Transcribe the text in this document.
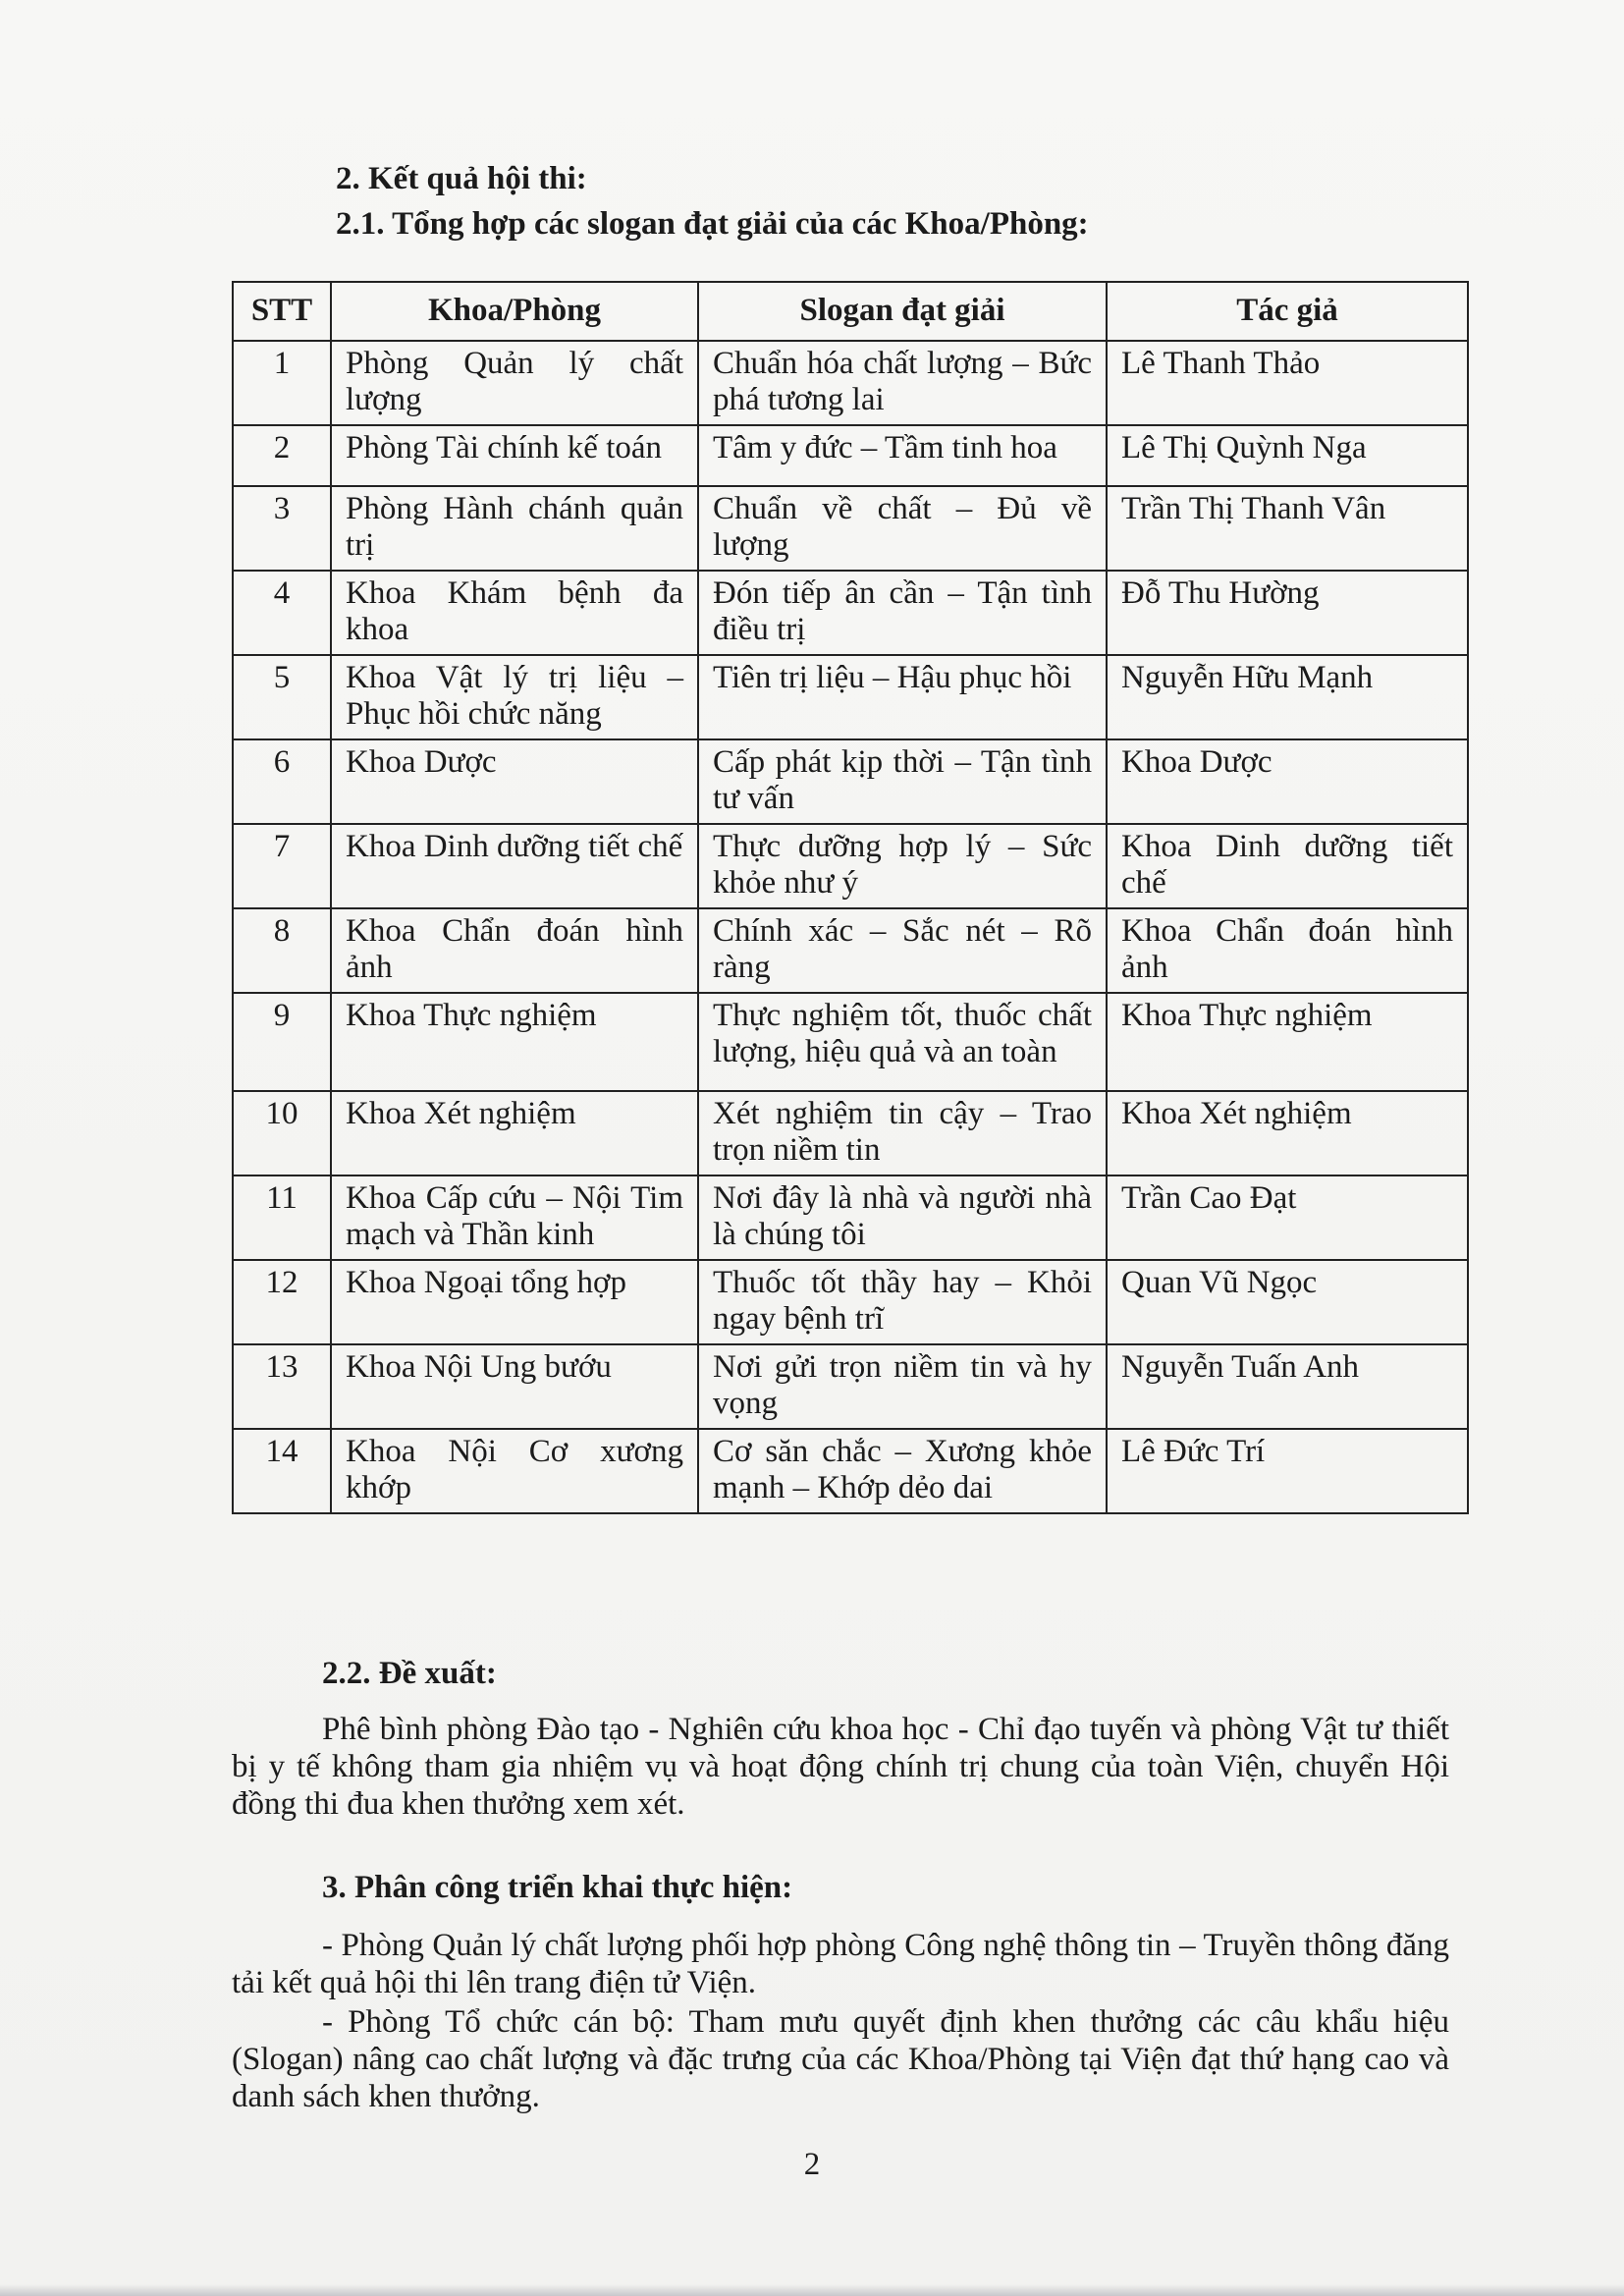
2. Kết quả hội thi:
2.1. Tổng hợp các slogan đạt giải của các Khoa/Phòng:
STT	Khoa/Phòng	Slogan đạt giải	Tác giả
1	Phòng Quản lý chất lượng	Chuẩn hóa chất lượng – Bức phá tương lai	Lê Thanh Thảo
2	Phòng Tài chính kế toán	Tâm y đức – Tầm tinh hoa	Lê Thị Quỳnh Nga
3	Phòng Hành chánh quản trị	Chuẩn về chất – Đủ về lượng	Trần Thị Thanh Vân
4	Khoa Khám bệnh đa khoa	Đón tiếp ân cần – Tận tình điều trị	Đỗ Thu Hường
5	Khoa Vật lý trị liệu – Phục hồi chức năng	Tiên trị liệu – Hậu phục hồi	Nguyễn Hữu Mạnh
6	Khoa Dược	Cấp phát kịp thời – Tận tình tư vấn	Khoa Dược
7	Khoa Dinh dưỡng tiết chế	Thực dưỡng hợp lý – Sức khỏe như ý	Khoa Dinh dưỡng tiết chế
8	Khoa Chẩn đoán hình ảnh	Chính xác – Sắc nét – Rõ ràng	Khoa Chẩn đoán hình ảnh
9	Khoa Thực nghiệm	Thực nghiệm tốt, thuốc chất lượng, hiệu quả và an toàn	Khoa Thực nghiệm
10	Khoa Xét nghiệm	Xét nghiệm tin cậy – Trao trọn niềm tin	Khoa Xét nghiệm
11	Khoa Cấp cứu – Nội Tim mạch và Thần kinh	Nơi đây là nhà và người nhà là chúng tôi	Trần Cao Đạt
12	Khoa Ngoại tổng hợp	Thuốc tốt thầy hay – Khỏi ngay bệnh trĩ	Quan Vũ Ngọc
13	Khoa Nội Ung bướu	Nơi gửi trọn niềm tin và hy vọng	Nguyễn Tuấn Anh
14	Khoa Nội Cơ xương khớp	Cơ săn chắc – Xương khỏe mạnh – Khớp dẻo dai	Lê Đức Trí
2.2. Đề xuất:

Phê bình phòng Đào tạo - Nghiên cứu khoa học - Chỉ đạo tuyến và phòng Vật tư thiết bị y tế không tham gia nhiệm vụ và hoạt động chính trị chung của toàn Viện, chuyển Hội đồng thi đua khen thưởng xem xét.

3. Phân công triển khai thực hiện:

- Phòng Quản lý chất lượng phối hợp phòng Công nghệ thông tin – Truyền thông đăng tải kết quả hội thi lên trang điện tử Viện.

- Phòng Tổ chức cán bộ: Tham mưu quyết định khen thưởng các câu khẩu hiệu (Slogan) nâng cao chất lượng và đặc trưng của các Khoa/Phòng tại Viện đạt thứ hạng cao và danh sách khen thưởng.

2
